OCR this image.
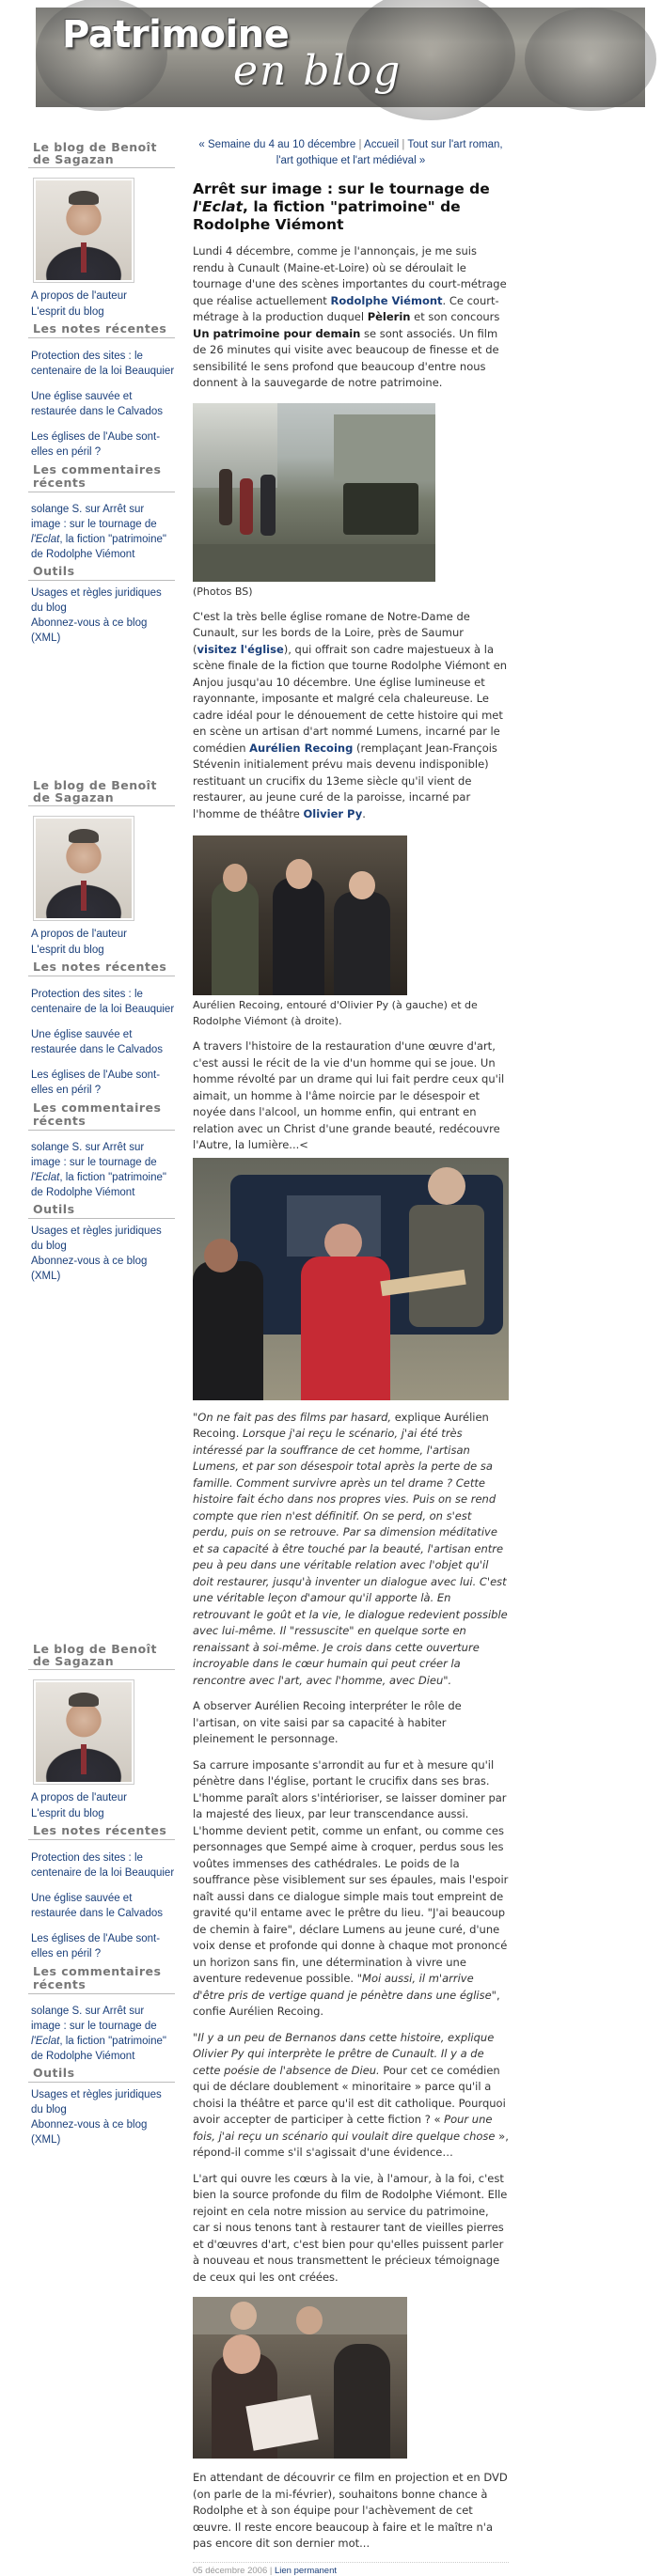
Patrimoine
en blog
Le blog de Benoît de Sagazan
A propos de l'auteur
L'esprit du blog
Les notes récentes
Protection des sites : le centenaire de la loi Beauquier
Une église sauvée et restaurée dans le Calvados
Les églises de l'Aube sont-elles en péril ?
Les commentaires récents
solange S. sur Arrêt sur image : sur le tournage de l'Eclat, la fiction "patrimoine" de Rodolphe Viémont
Outils
Usages et règles juridiques du blog
Abonnez-vous à ce blog (XML)
Le blog de Benoît de Sagazan
A propos de l'auteur
L'esprit du blog
Les notes récentes
Protection des sites : le centenaire de la loi Beauquier
Une église sauvée et restaurée dans le Calvados
Les églises de l'Aube sont-elles en péril ?
Les commentaires récents
solange S. sur Arrêt sur image : sur le tournage de l'Eclat, la fiction "patrimoine" de Rodolphe Viémont
Outils
Usages et règles juridiques du blog
Abonnez-vous à ce blog (XML)
Le blog de Benoît de Sagazan
A propos de l'auteur
L'esprit du blog
Les notes récentes
Protection des sites : le centenaire de la loi Beauquier
Une église sauvée et restaurée dans le Calvados
Les églises de l'Aube sont-elles en péril ?
Les commentaires récents
solange S. sur Arrêt sur image : sur le tournage de l'Eclat, la fiction "patrimoine" de Rodolphe Viémont
Outils
Usages et règles juridiques du blog
Abonnez-vous à ce blog (XML)
« Semaine du 4 au 10 décembre | Accueil | Tout sur l'art roman, l'art gothique et l'art médiéval »
Arrêt sur image : sur le tournage de l'Eclat, la fiction "patrimoine" de Rodolphe Viémont

Lundi 4 décembre, comme je l'annonçais, je me suis rendu à Cunault (Maine-et-Loire) où se déroulait le tournage d'une des scènes importantes du court-métrage que réalise actuellement Rodolphe Viémont. Ce court-métrage à la production duquel Pèlerin et son concours Un patrimoine pour demain se sont associés. Un film de 26 minutes qui visite avec beaucoup de finesse et de sensibilité le sens profond que beaucoup d'entre nous donnent à la sauvegarde de notre patrimoine.

(Photos BS)

C'est la très belle église romane de Notre-Dame de Cunault, sur les bords de la Loire, près de Saumur (visitez l'église), qui offrait son cadre majestueux à la scène finale de la fiction que tourne Rodolphe Viémont en Anjou jusqu'au 10 décembre. Une église lumineuse et rayonnante, imposante et malgré cela chaleureuse. Le cadre idéal pour le dénouement de cette histoire qui met en scène un artisan d'art nommé Lumens, incarné par le comédien Aurélien Recoing (remplaçant Jean-François Stévenin initialement prévu mais devenu indisponible) restituant un crucifix du 13eme siècle qu'il vient de restaurer, au jeune curé de la paroisse, incarné par l'homme de théâtre Olivier Py.

Aurélien Recoing, entouré d'Olivier Py (à gauche) et de Rodolphe Viémont (à droite).

A travers l'histoire de la restauration d'une œuvre d'art, c'est aussi le récit de la vie d'un homme qui se joue. Un homme révolté par un drame qui lui fait perdre ceux qu'il aimait, un homme à l'âme noircie par le désespoir et noyée dans l'alcool, un homme enfin, qui entrant en relation avec un Christ d'une grande beauté, redécouvre l'Autre, la lumière...<

"On ne fait pas des films par hasard, explique Aurélien Recoing. Lorsque j'ai reçu le scénario, j'ai été très intéressé par la souffrance de cet homme, l'artisan Lumens, et par son désespoir total après la perte de sa famille. Comment survivre après un tel drame ? Cette histoire fait écho dans nos propres vies. Puis on se rend compte que rien n'est définitif. On se perd, on s'est perdu, puis on se retrouve. Par sa dimension méditative et sa capacité à être touché par la beauté, l'artisan entre peu à peu dans une véritable relation avec l'objet qu'il doit restaurer, jusqu'à inventer un dialogue avec lui. C'est une véritable leçon d'amour qu'il apporte là. En retrouvant le goût et la vie, le dialogue redevient possible avec lui-même. Il "ressuscite" en quelque sorte en renaissant à soi-même. Je crois dans cette ouverture incroyable dans le cœur humain qui peut créer la rencontre avec l'art, avec l'homme, avec Dieu".

A observer Aurélien Recoing interpréter le rôle de l'artisan, on vite saisi par sa capacité à habiter pleinement le personnage.

Sa carrure imposante s'arrondit au fur et à mesure qu'il pénètre dans l'église, portant le crucifix dans ses bras. L'homme paraît alors s'intérioriser, se laisser dominer par la majesté des lieux, par leur transcendance aussi. L'homme devient petit, comme un enfant, ou comme ces personnages que Sempé aime à croquer, perdus sous les voûtes immenses des cathédrales. Le poids de la souffrance pèse visiblement sur ses épaules, mais l'espoir naît aussi dans ce dialogue simple mais tout empreint de gravité qu'il entame avec le prêtre du lieu. "J'ai beaucoup de chemin à faire", déclare Lumens au jeune curé, d'une voix dense et profonde qui donne à chaque mot prononcé un horizon sans fin, une détermination à vivre une aventure redevenue possible. "Moi aussi, il m'arrive d'être pris de vertige quand je pénètre dans une église", confie Aurélien Recoing.

"Il y a un peu de Bernanos dans cette histoire, explique Olivier Py qui interprète le prêtre de Cunault. Il y a de cette poésie de l'absence de Dieu. Pour cet ce comédien qui de déclare doublement « minoritaire » parce qu'il a choisi la théâtre et parce qu'il est dit catholique. Pourquoi avoir accepter de participer à cette fiction ? « Pour une fois, j'ai reçu un scénario qui voulait dire quelque chose », répond-il comme s'il s'agissait d'une évidence…

L'art qui ouvre les cœurs à la vie, à l'amour, à la foi, c'est bien la source profonde du film de Rodolphe Viémont. Elle rejoint en cela notre mission au service du patrimoine, car si nous tenons tant à restaurer tant de vieilles pierres et d'œuvres d'art, c'est bien pour qu'elles puissent parler à nouveau et nous transmettent le précieux témoignage de ceux qui les ont créées.

En attendant de découvrir ce film en projection et en DVD (on parle de la mi-février), souhaitons bonne chance à Rodolphe et à son équipe pour l'achèvement de cet œuvre. Il reste encore beaucoup à faire et le maître n'a pas encore dit son dernier mot...

05 décembre 2006 | Lien permanent
